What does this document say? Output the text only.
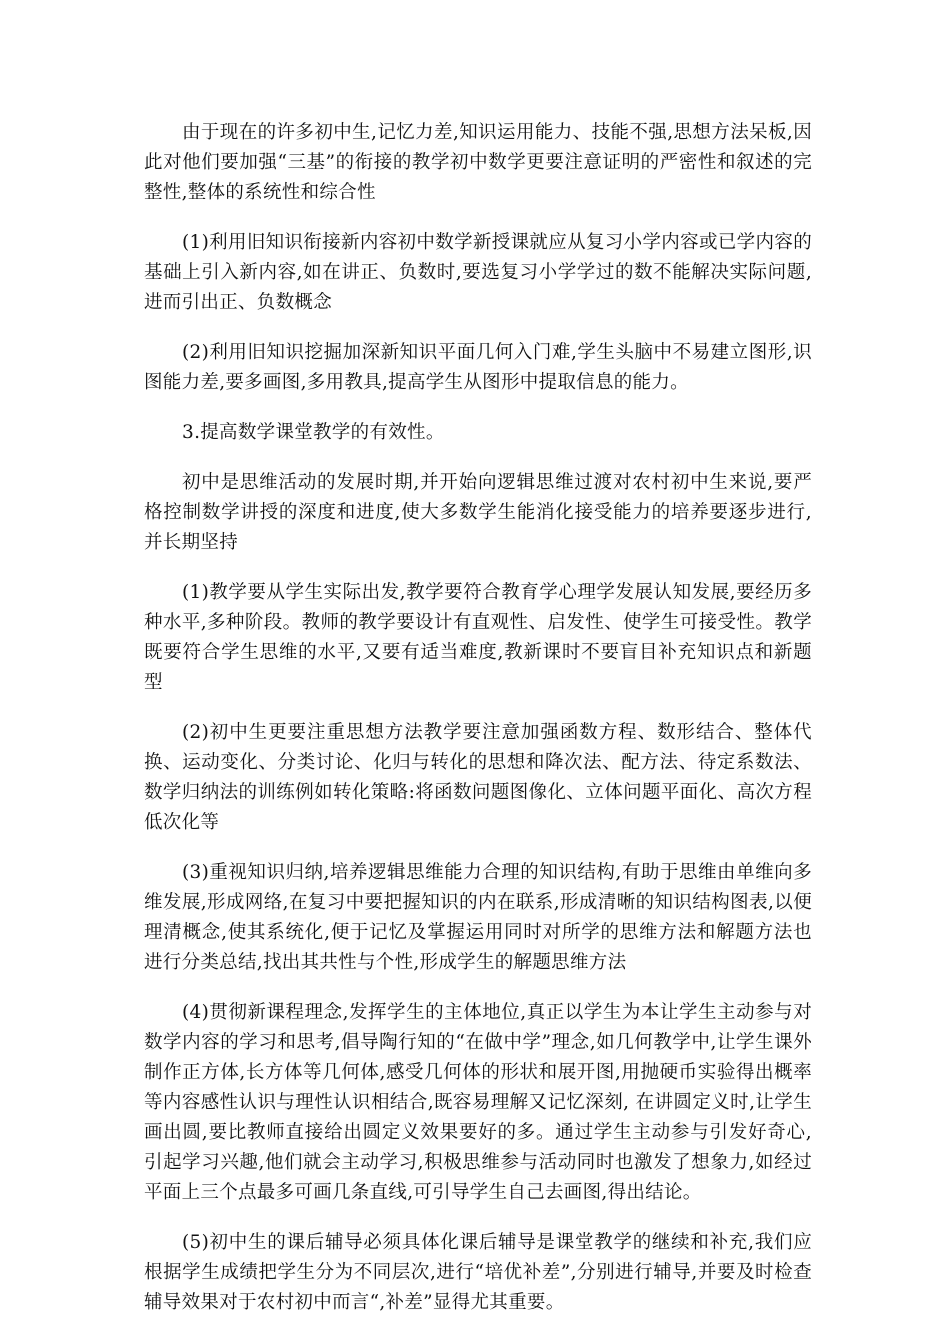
由于现在的许多初中生,记忆力差,知识运用能力、技能不强,思想方法呆板,因此对他们要加强“三基”的衔接的教学初中数学更要注意证明的严密性和叙述的完整性,整体的系统性和综合性

(1)利用旧知识衔接新内容初中数学新授课就应从复习小学内容或已学内容的基础上引入新内容,如在讲正、负数时,要选复习小学学过的数不能解决实际问题,进而引出正、负数概念

(2)利用旧知识挖掘加深新知识平面几何入门难,学生头脑中不易建立图形,识图能力差,要多画图,多用教具,提高学生从图形中提取信息的能力。

3.提高数学课堂教学的有效性。

初中是思维活动的发展时期,并开始向逻辑思维过渡对农村初中生来说,要严格控制数学讲授的深度和进度,使大多数学生能消化接受能力的培养要逐步进行,并长期坚持

(1)教学要从学生实际出发,教学要符合教育学心理学发展认知发展,要经历多种水平,多种阶段。教师的教学要设计有直观性、启发性、使学生可接受性。教学既要符合学生思维的水平,又要有适当难度,教新课时不要盲目补充知识点和新题型

(2)初中生更要注重思想方法教学要注意加强函数方程、数形结合、整体代换、运动变化、分类讨论、化归与转化的思想和降次法、配方法、待定系数法、数学归纳法的训练例如转化策略:将函数问题图像化、立体问题平面化、高次方程低次化等

(3)重视知识归纳,培养逻辑思维能力合理的知识结构,有助于思维由单维向多维发展,形成网络,在复习中要把握知识的内在联系,形成清晰的知识结构图表,以便理清概念,使其系统化,便于记忆及掌握运用同时对所学的思维方法和解题方法也进行分类总结,找出其共性与个性,形成学生的解题思维方法

(4)贯彻新课程理念,发挥学生的主体地位,真正以学生为本让学生主动参与对数学内容的学习和思考,倡导陶行知的“在做中学”理念,如几何教学中,让学生课外制作正方体,长方体等几何体,感受几何体的形状和展开图,用抛硬币实验得出概率等内容感性认识与理性认识相结合,既容易理解又记忆深刻, 在讲圆定义时,让学生画出圆,要比教师直接给出圆定义效果要好的多。通过学生主动参与引发好奇心,引起学习兴趣,他们就会主动学习,积极思维参与活动同时也激发了想象力,如经过平面上三个点最多可画几条直线,可引导学生自己去画图,得出结论。

(5)初中生的课后辅导必须具体化课后辅导是课堂教学的继续和补充,我们应根据学生成绩把学生分为不同层次,进行“培优补差”,分别进行辅导,并要及时检查辅导效果对于农村初中而言“,补差”显得尤其重要。
